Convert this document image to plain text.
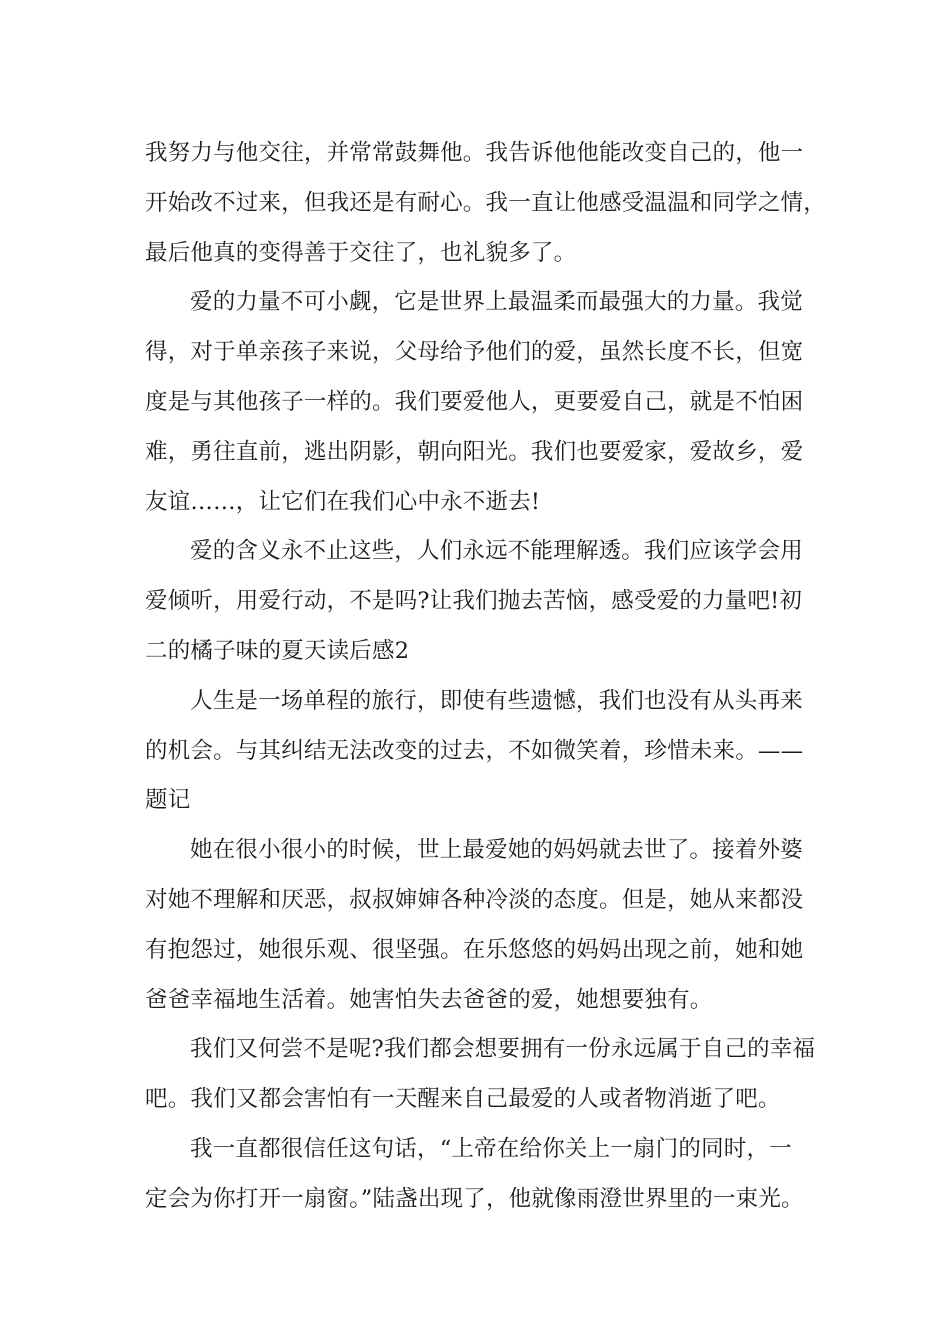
我努力与他交往，并常常鼓舞他。我告诉他他能改变自己的，他一
开始改不过来，但我还是有耐心。我一直让他感受温温和同学之情，
最后他真的变得善于交往了，也礼貌多了。
爱的力量不可小觑，它是世界上最温柔而最强大的力量。我觉
得，对于单亲孩子来说，父母给予他们的爱，虽然长度不长，但宽
度是与其他孩子一样的。我们要爱他人，更要爱自己，就是不怕困
难，勇往直前，逃出阴影，朝向阳光。我们也要爱家，爱故乡，爱
友谊……，让它们在我们心中永不逝去!
爱的含义永不止这些，人们永远不能理解透。我们应该学会用
爱倾听，用爱行动，不是吗?让我们抛去苦恼，感受爱的力量吧!初
二的橘子味的夏天读后感2
人生是一场单程的旅行，即使有些遗憾，我们也没有从头再来
的机会。与其纠结无法改变的过去，不如微笑着，珍惜未来。——
题记
她在很小很小的时候，世上最爱她的妈妈就去世了。接着外婆
对她不理解和厌恶，叔叔婶婶各种冷淡的态度。但是，她从来都没
有抱怨过，她很乐观、很坚强。在乐悠悠的妈妈出现之前，她和她
爸爸幸福地生活着。她害怕失去爸爸的爱，她想要独有。
我们又何尝不是呢?我们都会想要拥有一份永远属于自己的幸福
吧。我们又都会害怕有一天醒来自己最爱的人或者物消逝了吧。
我一直都很信任这句话，“上帝在给你关上一扇门的同时，一
定会为你打开一扇窗。”陆盏出现了，他就像雨澄世界里的一束光。
